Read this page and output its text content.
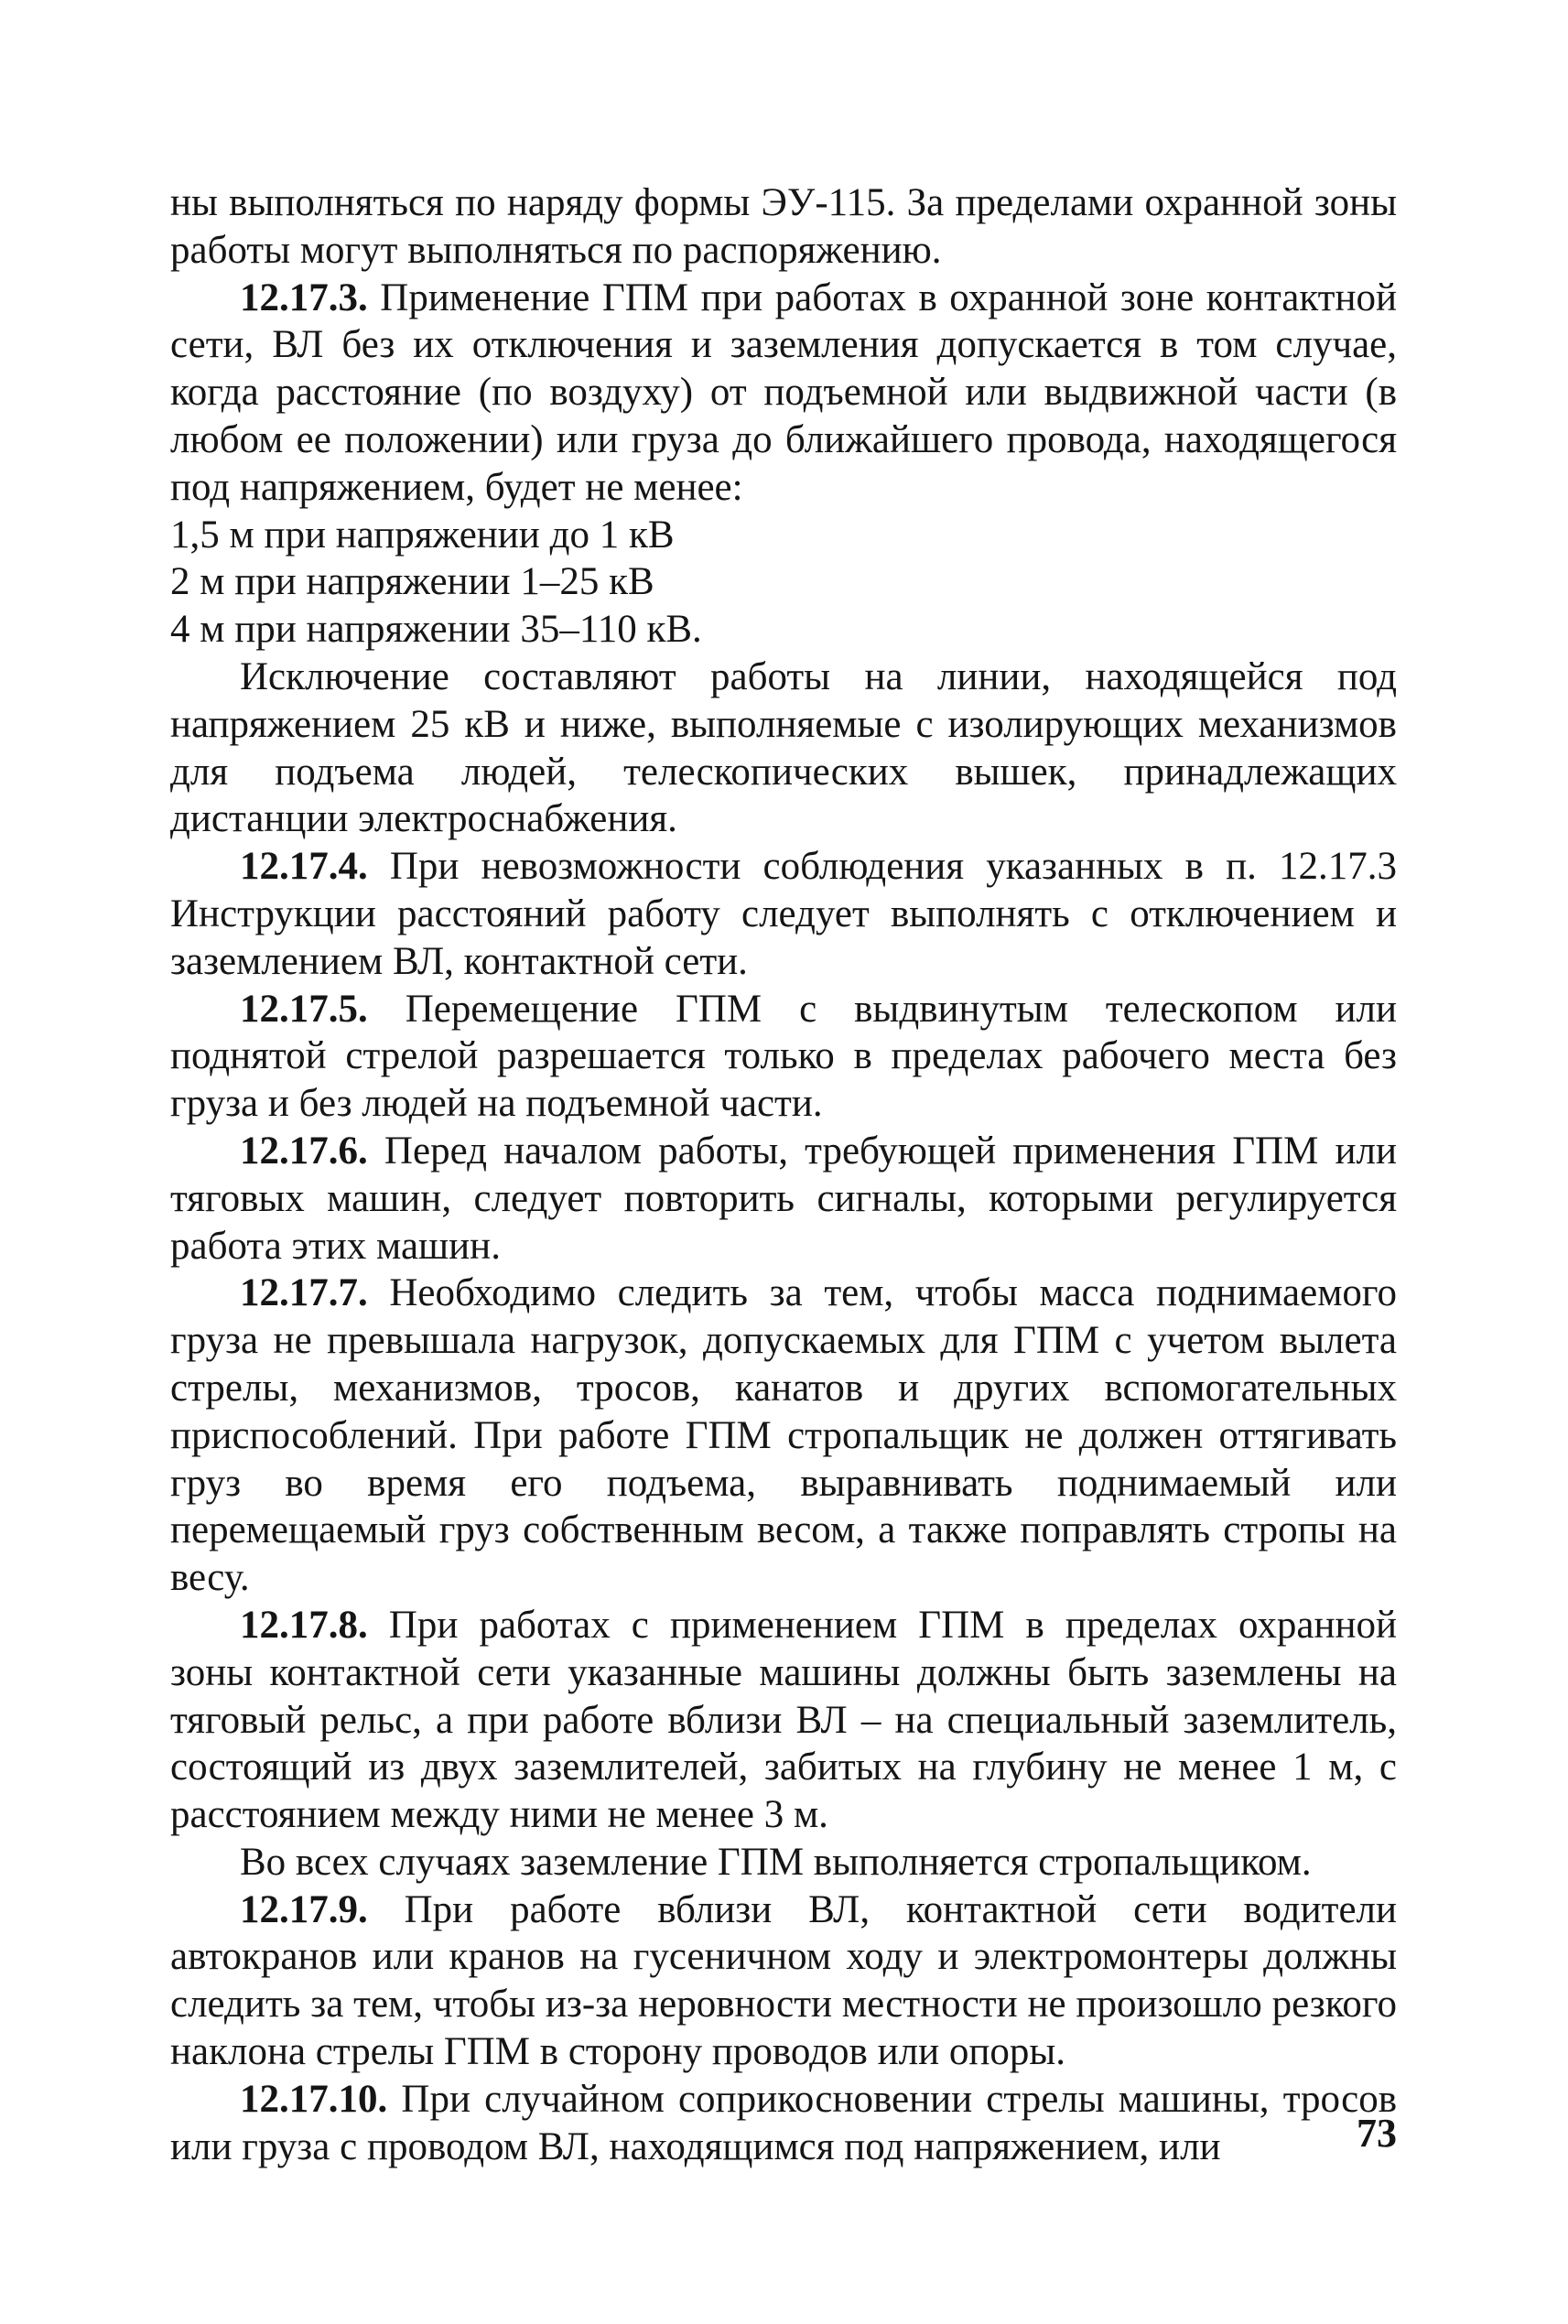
ны выполняться по наряду формы ЭУ-115. За пределами охранной зоны работы могут выполняться по распоряжению.

12.17.3. Применение ГПМ при работах в охранной зоне контактной сети, ВЛ без их отключения и заземления допускается в том случае, когда расстояние (по воздуху) от подъемной или выдвижной части (в любом ее положении) или груза до ближайшего провода, находящегося под напряжением, будет не менее:

1,5 м при напряжении до 1 кВ

2 м при напряжении 1–25 кВ

4 м при напряжении 35–110 кВ.

Исключение составляют работы на линии, находящейся под напряжением 25 кВ и ниже, выполняемые с изолирующих механизмов для подъема людей, телескопических вышек, принадлежащих дистанции электроснабжения.

12.17.4. При невозможности соблюдения указанных в п. 12.17.3 Инструкции расстояний работу следует выполнять с отключением и заземлением ВЛ, контактной сети.

12.17.5. Перемещение ГПМ с выдвинутым телескопом или поднятой стрелой разрешается только в пределах рабочего места без груза и без людей на подъемной части.

12.17.6. Перед началом работы, требующей применения ГПМ или тяговых машин, следует повторить сигналы, которыми регулируется работа этих машин.

12.17.7. Необходимо следить за тем, чтобы масса поднимаемого груза не превышала нагрузок, допускаемых для ГПМ с учетом вылета стрелы, механизмов, тросов, канатов и других вспомогательных приспособлений. При работе ГПМ стропальщик не должен оттягивать груз во время его подъема, выравнивать поднимаемый или перемещаемый груз собственным весом, а также поправлять стропы на весу.

12.17.8. При работах с применением ГПМ в пределах охранной зоны контактной сети указанные машины должны быть заземлены на тяговый рельс, а при работе вблизи ВЛ – на специальный заземлитель, состоящий из двух заземлителей, забитых на глубину не менее 1 м, с расстоянием между ними не менее 3 м.

Во всех случаях заземление ГПМ выполняется стропальщиком.

12.17.9. При работе вблизи ВЛ, контактной сети водители автокранов или кранов на гусеничном ходу и электромонтеры должны следить за тем, чтобы из-за неровности местности не произошло резкого наклона стрелы ГПМ в сторону проводов или опоры.

12.17.10. При случайном соприкосновении стрелы машины, тросов или груза с проводом ВЛ, находящимся под напряжением, или	73
